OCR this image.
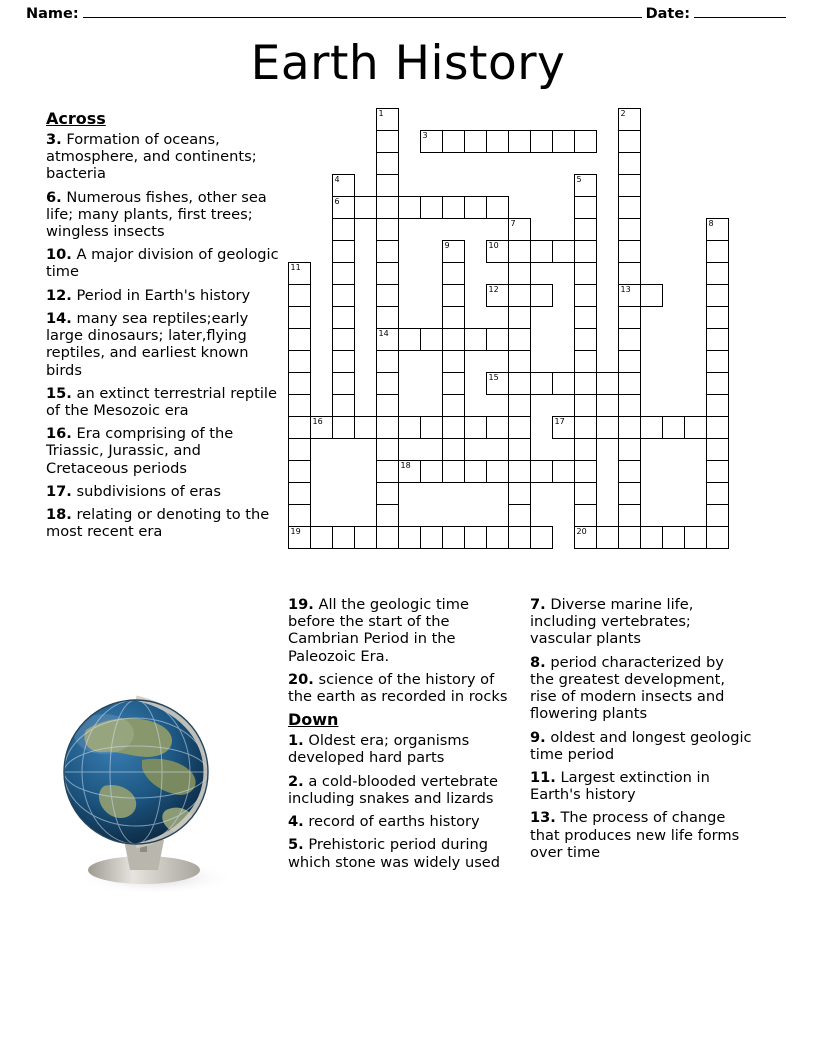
Name:	Date:
Earth History
Across
3. Formation of oceans, atmosphere, and continents; bacteria
6. Numerous fishes, other sea life; many plants, first trees; wingless insects
10. A major division of geologic time
12. Period in Earth's history
14. many sea reptiles;early large dinosaurs; later,flying reptiles, and earliest known birds
15. an extinct terrestrial reptile of the Mesozoic era
16. Era comprising of the Triassic, Jurassic, and Cretaceous periods
17. subdivisions of eras
18. relating or denoting to the most recent era
19. All the geologic time before the start of the Cambrian Period in the Paleozoic Era.
20. science of the history of the earth as recorded in rocks
Down
1. Oldest era; organisms developed hard parts
2. a cold-blooded vertebrate including snakes and lizards
4. record of earths history
5. Prehistoric period during which stone was widely used
7. Diverse marine life, including vertebrates; vascular plants
8. period characterized by the greatest development, rise of modern insects and flowering plants
9. oldest and longest geologic time period
11. Largest extinction in Earth's history
13. The process of change that produces new life forms over time
1	2
3
4	5
6
7	8
9	10
11
12	13
14
15
16	17
18
19	20
